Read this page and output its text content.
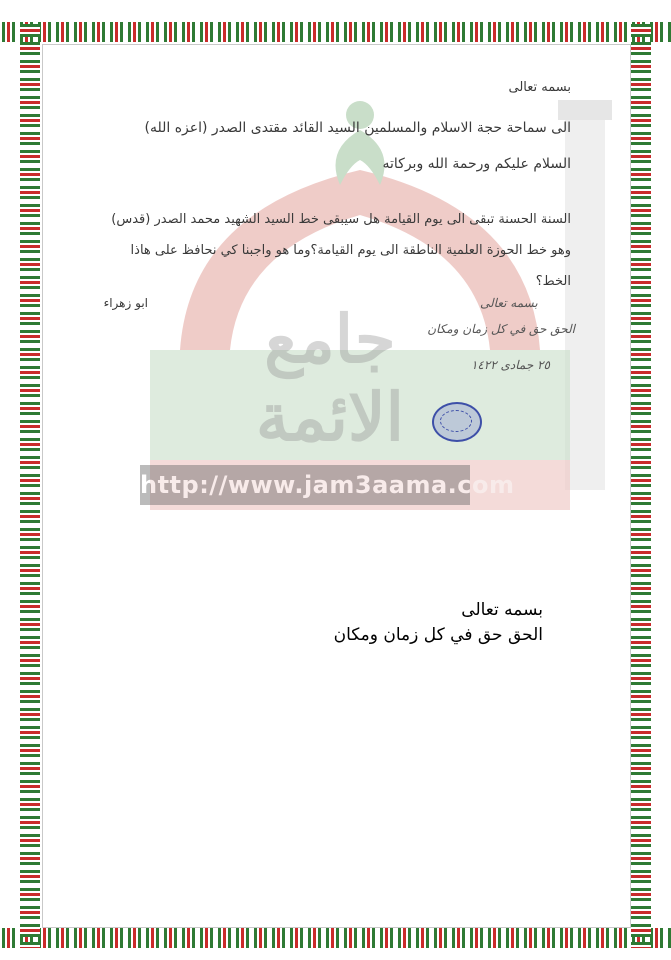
جامع الائمة
http://www.jam3aama.com
بسمه تعالى
الى سماحة حجة الاسلام والمسلمين السيد القائد مقتدى الصدر (اعزه الله)
السلام عليكم ورحمة الله وبركاته
السنة الحسنة تبقى الى يوم القيامة هل سيبقى خط السيد الشهيد محمد الصدر (قدس) وهو خط الحوزة العلمية الناطقة الى يوم القيامة؟وما هو واجبنا كي نحافظ على هاذا الخط؟
ابو زهراء	بسمه تعالى
الحق حق في كل زمان ومكان
٢٥ جمادى ١٤٢٢
بسمه تعالى
الحق حق في كل زمان ومكان
